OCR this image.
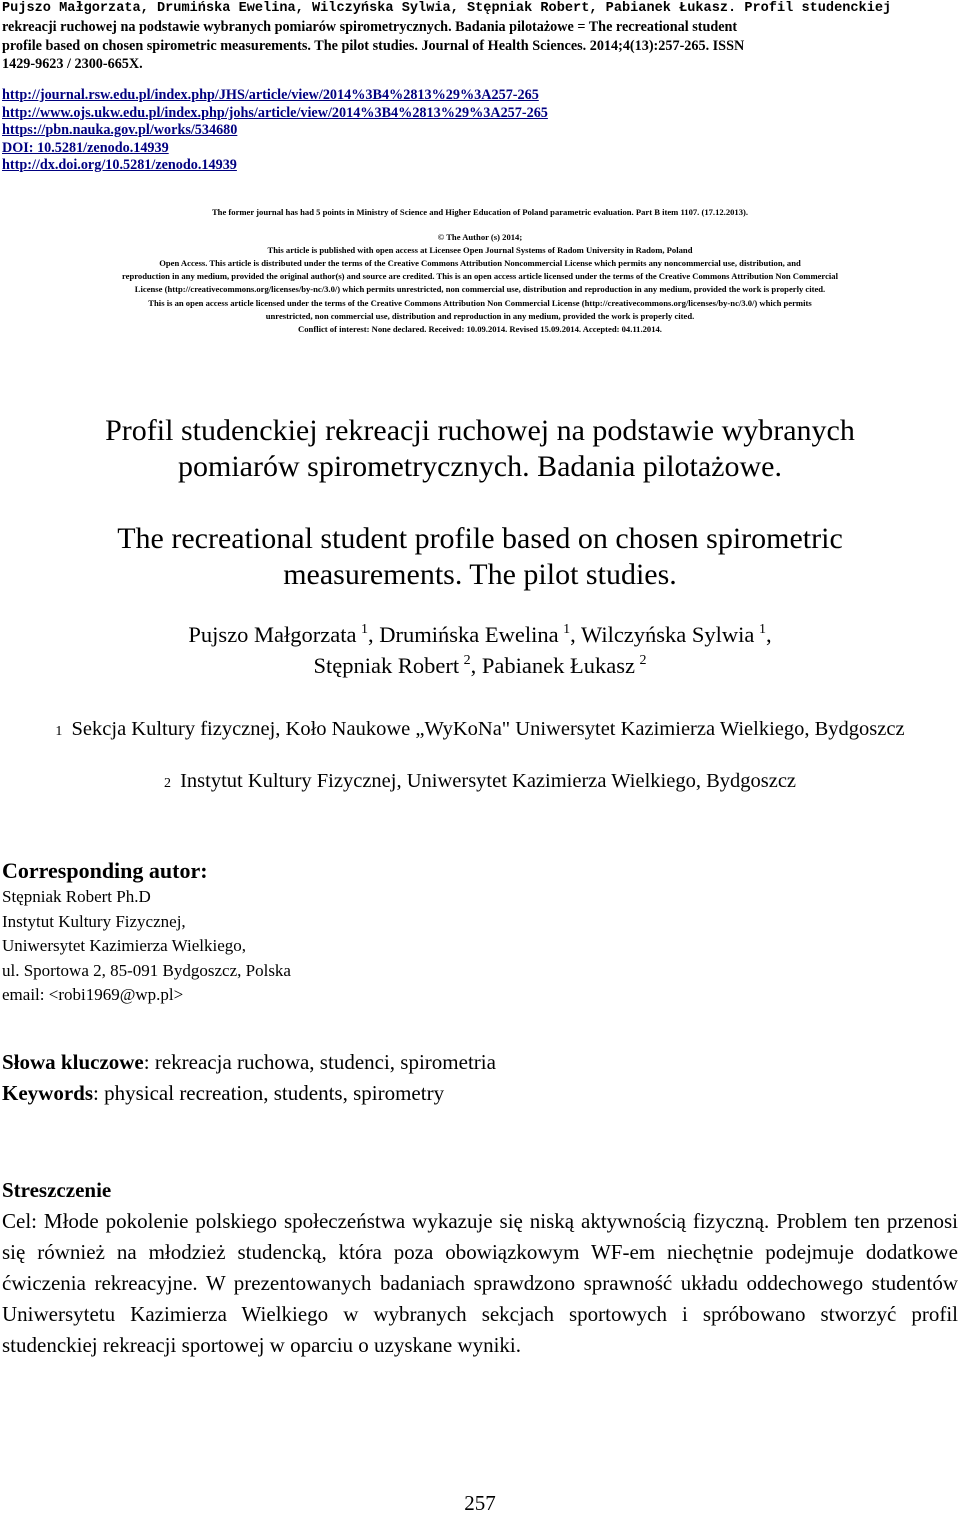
Pujszo Małgorzata, Drumińska Ewelina, Wilczyńska Sylwia, Stępniak Robert, Pabianek Łukasz. Profil studenckiej
rekreacji ruchowej na podstawie wybranych pomiarów spirometrycznych. Badania pilotażowe = The recreational student
profile based on chosen spirometric measurements. The pilot studies. Journal of Health Sciences. 2014;4(13):257-265. ISSN
1429-9623 / 2300-665X.
http://journal.rsw.edu.pl/index.php/JHS/article/view/2014%3B4%2813%29%3A257-265
http://www.ojs.ukw.edu.pl/index.php/johs/article/view/2014%3B4%2813%29%3A257-265
https://pbn.nauka.gov.pl/works/534680
DOI: 10.5281/zenodo.14939
http://dx.doi.org/10.5281/zenodo.14939

The former journal has had 5 points in Ministry of Science and Higher Education of Poland parametric evaluation. Part B item 1107. (17.12.2013).

© The Author (s) 2014;

This article is published with open access at Licensee Open Journal Systems of Radom University in Radom, Poland

Open Access. This article is distributed under the terms of the Creative Commons Attribution Noncommercial License which permits any noncommercial use, distribution, and

reproduction in any medium, provided the original author(s) and source are credited. This is an open access article licensed under the terms of the Creative Commons Attribution Non Commercial

License (http://creativecommons.org/licenses/by-nc/3.0/) which permits unrestricted, non commercial use, distribution and reproduction in any medium, provided the work is properly cited.

This is an open access article licensed under the terms of the Creative Commons Attribution Non Commercial License (http://creativecommons.org/licenses/by-nc/3.0/) which permits

unrestricted, non commercial use, distribution and reproduction in any medium, provided the work is properly cited.

Conflict of interest: None declared. Received: 10.09.2014. Revised 15.09.2014. Accepted: 04.11.2014.

Profil studenckiej rekreacji ruchowej na podstawie wybranych
pomiarów spirometrycznych. Badania pilotażowe.
The recreational student profile based on chosen spirometric
measurements. The pilot studies.
Pujszo Małgorzata  $^1$, Drumińska Ewelina  $^1$, Wilczyńska Sylwia  $^1$,
Stępniak Robert  $^2$, Pabianek Łukasz  $^2$
1 Sekcja Kultury fizycznej, Koło Naukowe „WyKoNa" Uniwersytet Kazimierza Wielkiego, Bydgoszcz
2 Instytut Kultury Fizycznej, Uniwersytet Kazimierza Wielkiego, Bydgoszcz
Corresponding autor:
Stępniak Robert Ph.D
Instytut Kultury Fizycznej,
Uniwersytet Kazimierza Wielkiego,
ul. Sportowa 2, 85-091 Bydgoszcz, Polska
email: <robi1969@wp.pl>
Słowa kluczowe: rekreacja ruchowa, studenci, spirometria
Keywords: physical recreation, students, spirometry
Streszczenie
Cel: Młode pokolenie polskiego społeczeństwa wykazuje się niską aktywnością fizyczną. Problem ten przenosi się również na młodzież studencką, która poza obowiązkowym WF-em niechętnie podejmuje dodatkowe ćwiczenia rekreacyjne. W prezentowanych badaniach sprawdzono sprawność układu oddechowego studentów Uniwersytetu Kazimierza Wielkiego w wybranych sekcjach sportowych i spróbowano stworzyć profil studenckiej rekreacji sportowej w oparciu o uzyskane wyniki.
257
